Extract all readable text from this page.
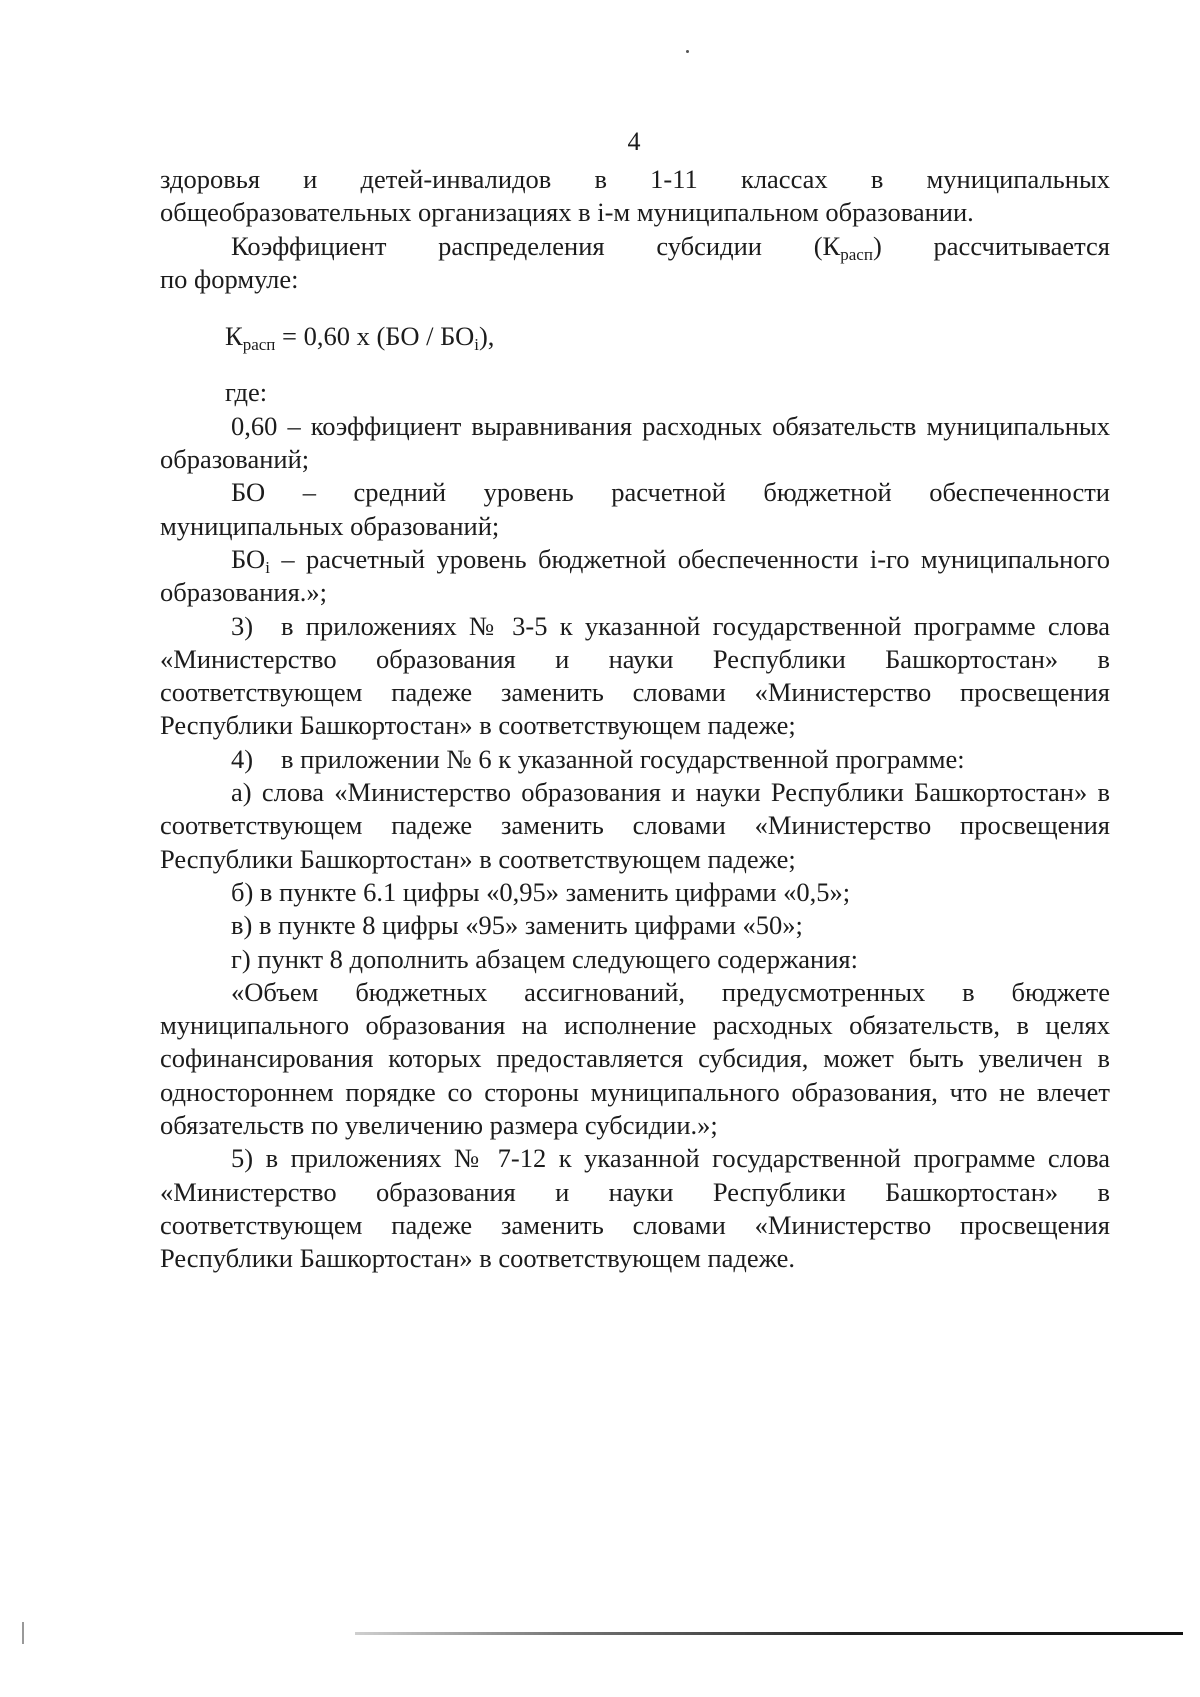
4

здоровья и детей-инвалидов в 1-11 классах в муниципальных

общеобразовательных организациях в i-м муниципальном образовании.

Коэффициент распределения субсидии $(К_{расп})$ рассчитывается

по формуле:

$К_{расп} = 0,60$ х $(БО / БО_i)$,

где:

0,60 – коэффициент выравнивания расходных обязательств муниципальных образований;

БО – средний уровень расчетной бюджетной обеспеченности муниципальных образований;

$БО_i$ – расчетный уровень бюджетной обеспеченности i-го муниципального образования.»;

3) в приложениях № 3-5 к указанной государственной программе слова «Министерство образования и науки Республики Башкортостан» в соответствующем падеже заменить словами «Министерство просвещения Республики Башкортостан» в соответствующем падеже;

4) в приложении № 6 к указанной государственной программе:

а) слова «Министерство образования и науки Республики Башкортостан» в соответствующем падеже заменить словами «Министерство просвещения Республики Башкортостан» в соответствующем падеже;

б) в пункте 6.1 цифры «0,95» заменить цифрами «0,5»;

в) в пункте 8 цифры «95» заменить цифрами «50»;

г) пункт 8 дополнить абзацем следующего содержания:

«Объем бюджетных ассигнований, предусмотренных в бюджете муниципального образования на исполнение расходных обязательств, в целях софинансирования которых предоставляется субсидия, может быть увеличен в одностороннем порядке со стороны муниципального образования, что не влечет обязательств по увеличению размера субсидии.»;

5) в приложениях № 7-12 к указанной государственной программе слова «Министерство образования и науки Республики Башкортостан» в соответствующем падеже заменить словами «Министерство просвещения Республики Башкортостан» в соответствующем падеже.
